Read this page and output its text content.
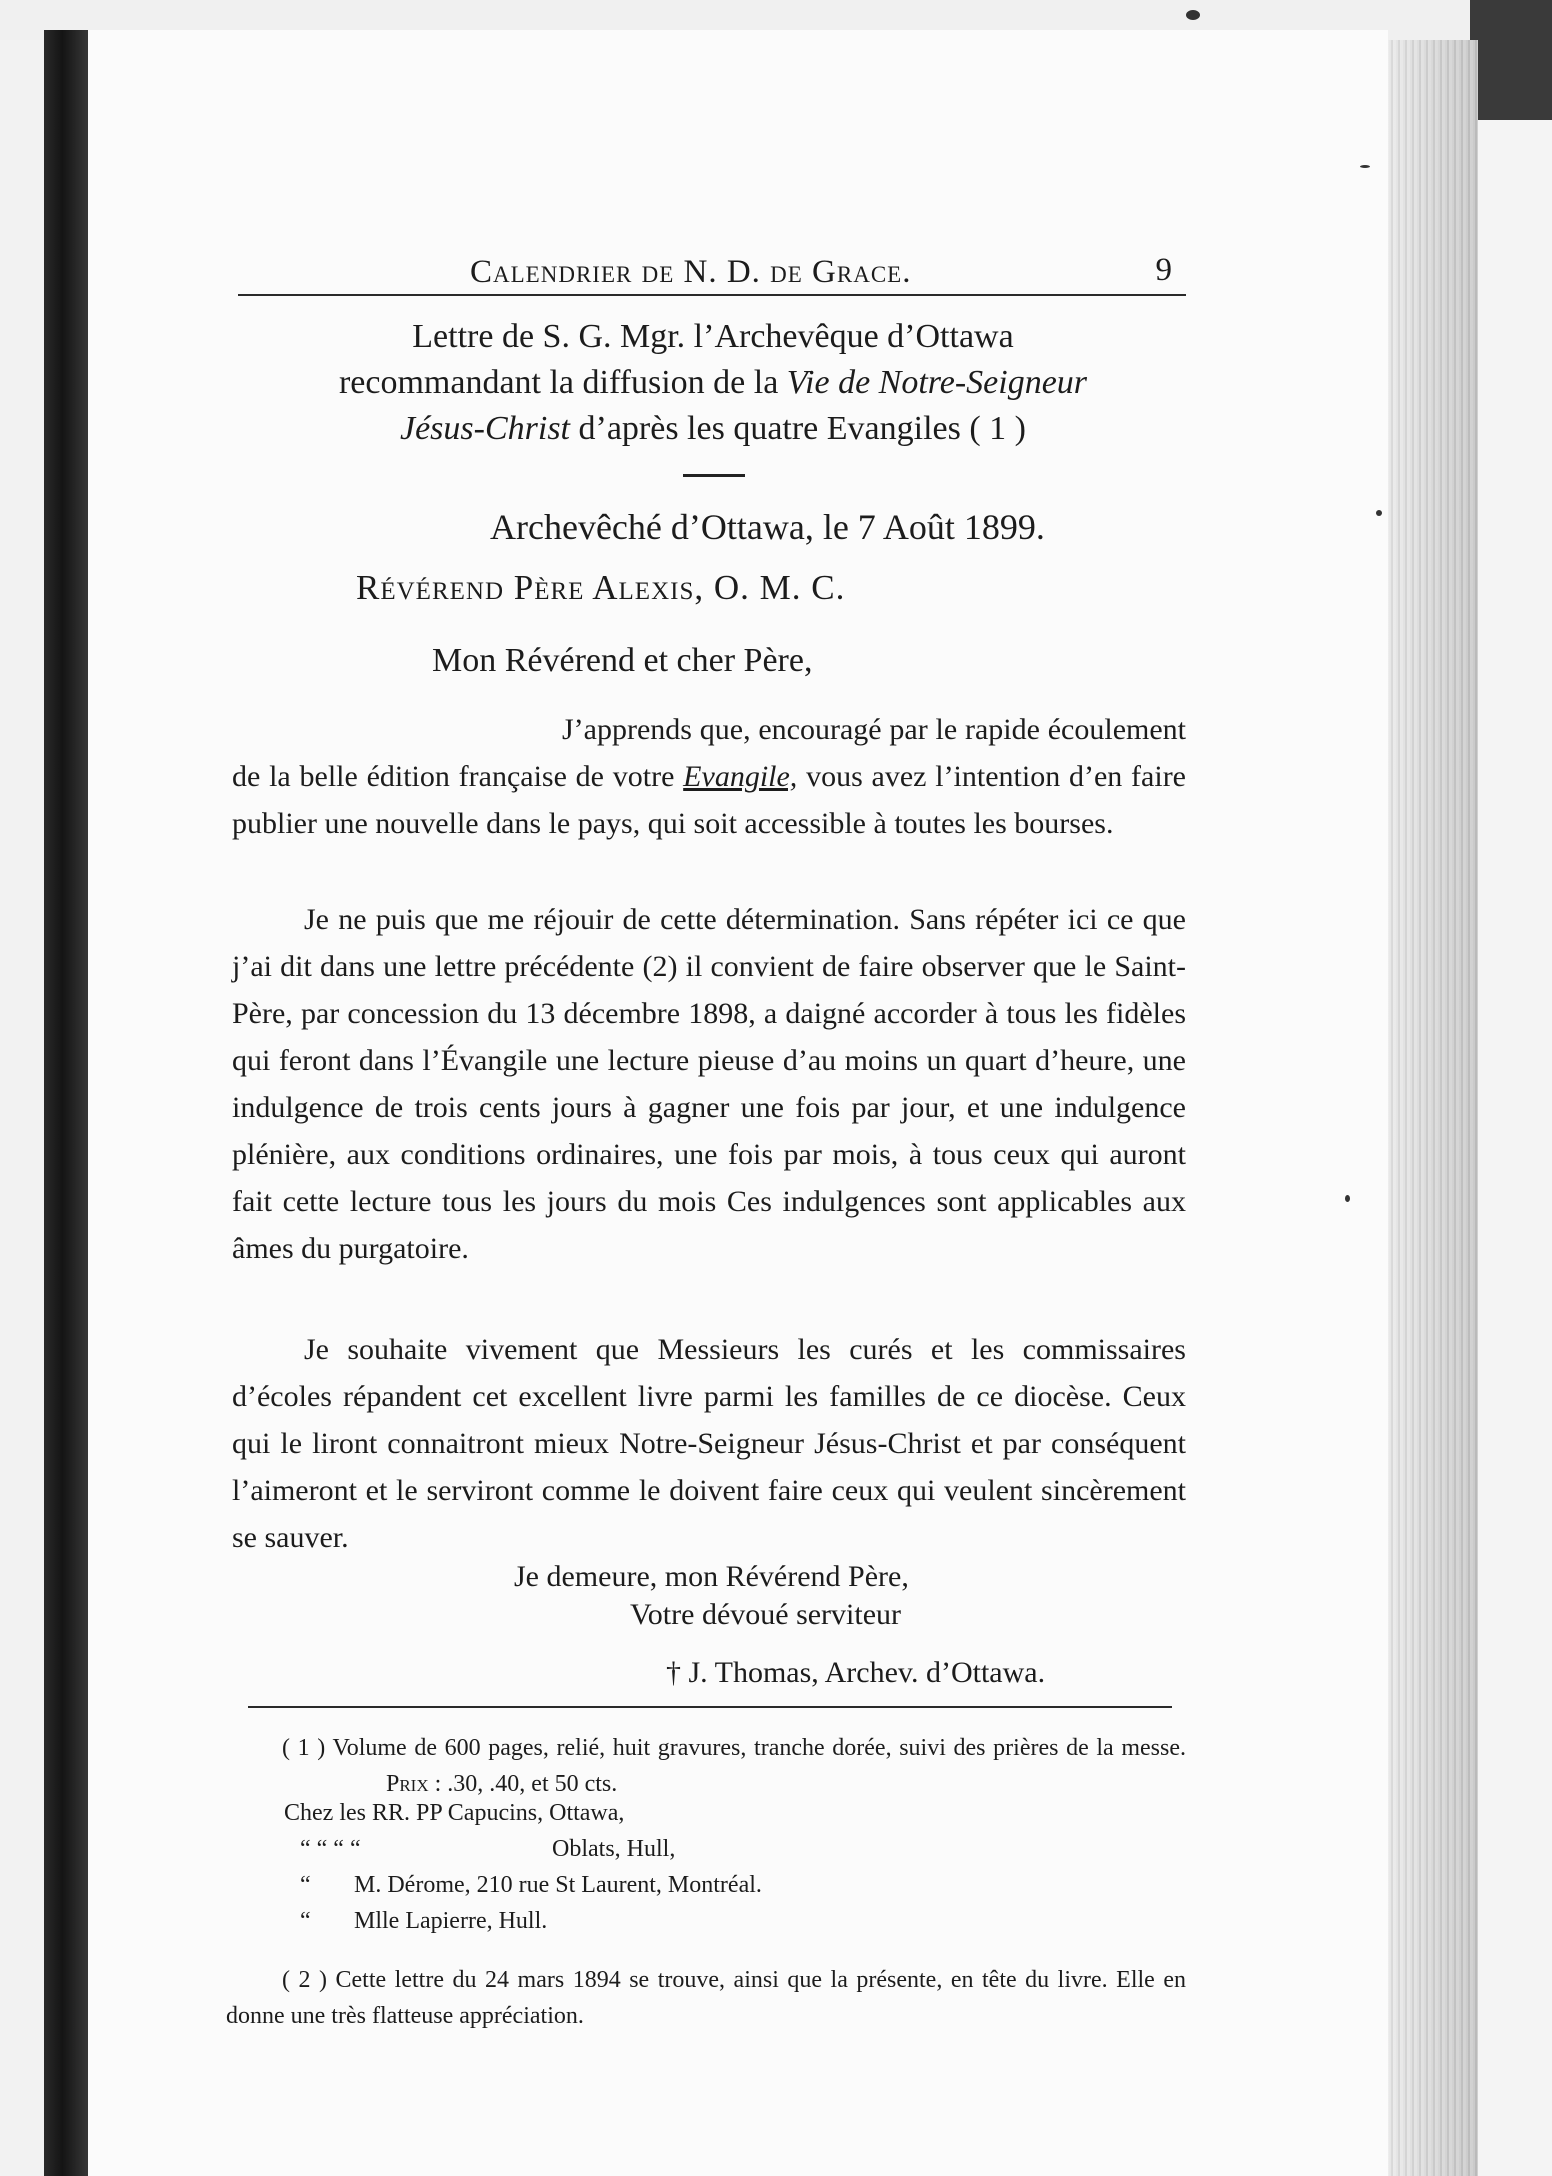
Calendrier de N. D. de Grace.	9
Lettre de S. G. Mgr. l’Archevêque d’Ottawa
recommandant la diffusion de la Vie de Notre-Seigneur
Jésus-Christ d’après les quatre Evangiles ( 1 )
Archevêché d’Ottawa, le 7 Août 1899.
Révérend Père Alexis, O. M. C.
Mon Révérend et cher Père,

J’apprends que, encouragé par le rapide écoulement de la belle édition française de votre Evangile, vous avez l’intention d’en faire publier une nouvelle dans le pays, qui soit accessible à toutes les bourses.

Je ne puis que me réjouir de cette détermination. Sans répéter ici ce que j’ai dit dans une lettre précédente (2) il convient de faire observer que le Saint-Père, par concession du 13 décembre 1898, a daigné accorder à tous les fidèles qui feront dans l’Évangile une lecture pieuse d’au moins un quart d’heure, une indulgence de trois cents jours à gagner une fois par jour, et une indulgence plénière, aux conditions ordinaires, une fois par mois, à tous ceux qui auront fait cette lecture tous les jours du mois Ces indulgences sont applicables aux âmes du purgatoire.

Je souhaite vivement que Messieurs les curés et les commissaires d’écoles répandent cet excellent livre parmi les familles de ce diocèse. Ceux qui le liront connaitront mieux Notre-Seigneur Jésus-Christ et par conséquent l’aimeront et le serviront comme le doivent faire ceux qui veulent sincèrement se sauver.

Je demeure, mon Révérend Père,
Votre dévoué serviteur
† J. Thomas, Archev. d’Ottawa.
( 1 ) Volume de 600 pages, relié, huit gravures, tranche dorée, suivi des prières de la messe. Prix : .30, .40, et 50 cts.
Chez les RR. PP Capucins, Ottawa,
“ “ “ “	Oblats, Hull,
“ M. Dérome, 210 rue St Laurent, Montréal.
“ Mlle Lapierre, Hull.
( 2 ) Cette lettre du 24 mars 1894 se trouve, ainsi que la présente, en tête du livre. Elle en donne une très flatteuse appréciation.
